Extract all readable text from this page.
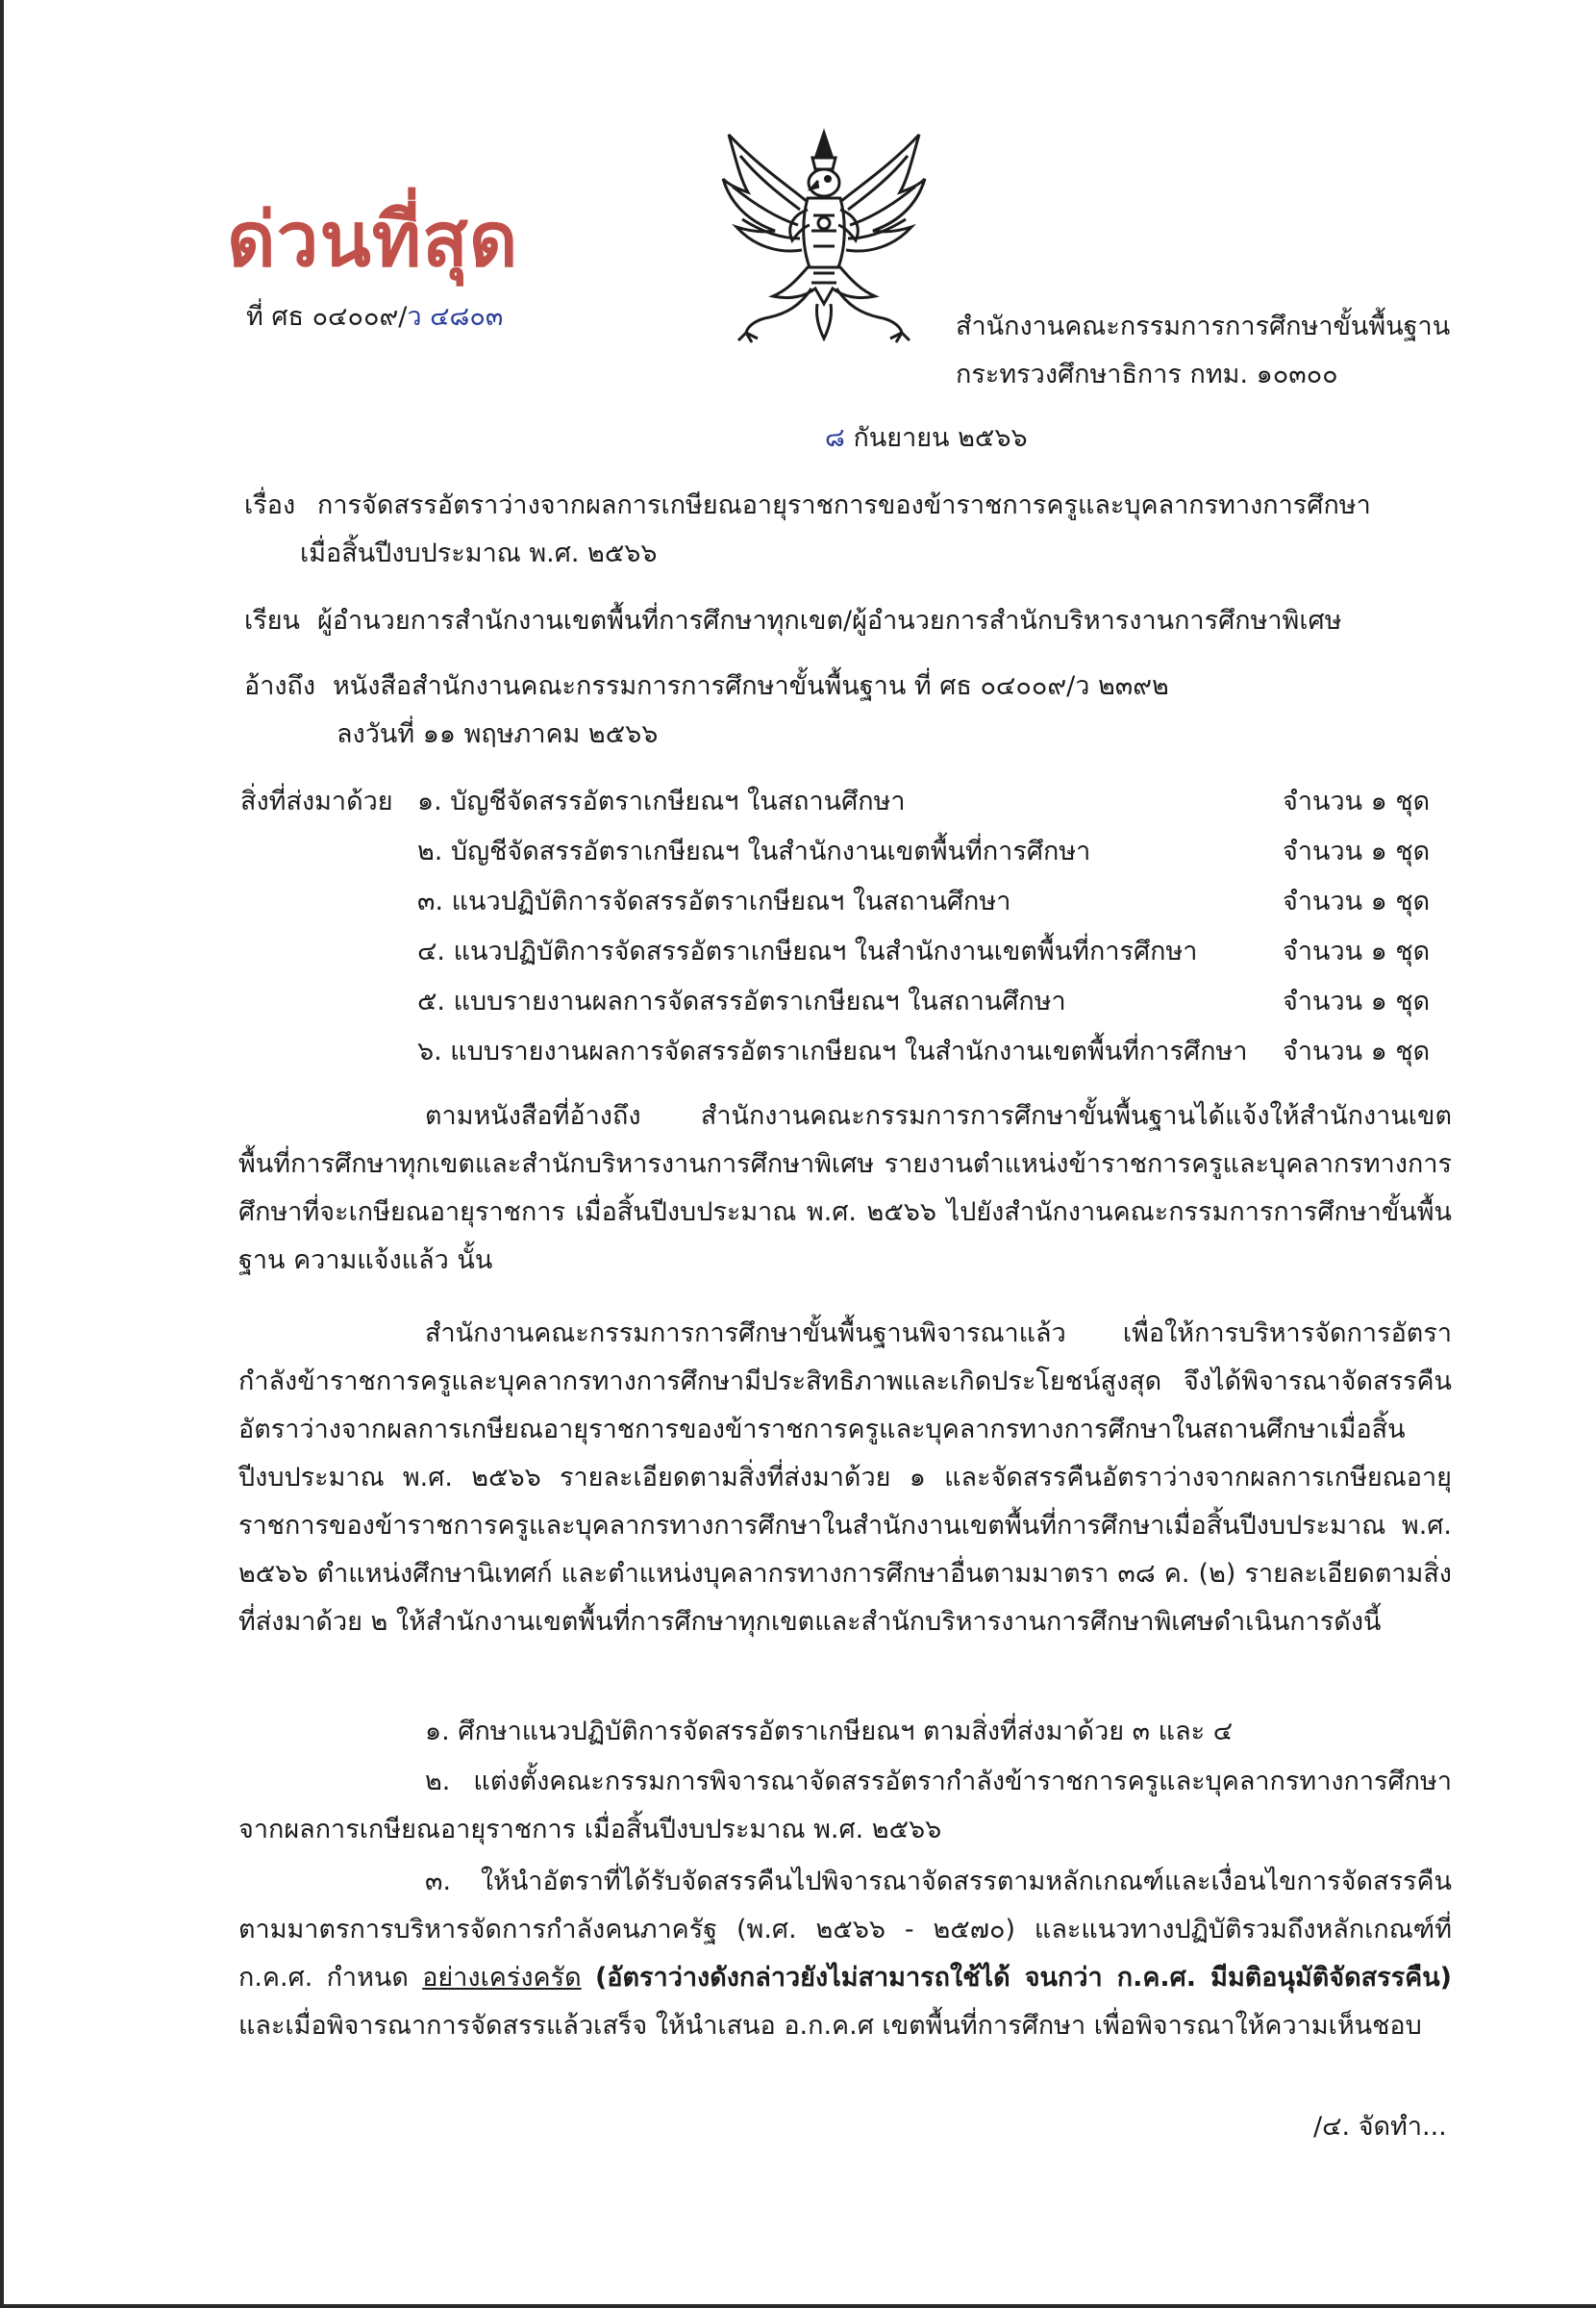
ด่วนที่สุด
ที่ ศธ ๐๔๐๐๙/ว ๔๘๐๓	สำนักงานคณะกรรมการการศึกษาขั้นพื้นฐาน
กระทรวงศึกษาธิการ กทม. ๑๐๓๐๐
๘ กันยายน ๒๕๖๖
เรื่อง การจัดสรรอัตราว่างจากผลการเกษียณอายุราชการของข้าราชการครูและบุคลากรทางการศึกษา
เมื่อสิ้นปีงบประมาณ พ.ศ. ๒๕๖๖
เรียน ผู้อำนวยการสำนักงานเขตพื้นที่การศึกษาทุกเขต/ผู้อำนวยการสำนักบริหารงานการศึกษาพิเศษ
อ้างถึง หนังสือสำนักงานคณะกรรมการการศึกษาขั้นพื้นฐาน ที่ ศธ ๐๔๐๐๙/ว ๒๓๙๒
ลงวันที่ ๑๑ พฤษภาคม ๒๕๖๖
สิ่งที่ส่งมาด้วย ๑. บัญชีจัดสรรอัตราเกษียณฯ ในสถานศึกษา	จำนวน ๑ ชุด
๒. บัญชีจัดสรรอัตราเกษียณฯ ในสำนักงานเขตพื้นที่การศึกษา	จำนวน ๑ ชุด
๓. แนวปฏิบัติการจัดสรรอัตราเกษียณฯ ในสถานศึกษา	จำนวน ๑ ชุด
๔. แนวปฏิบัติการจัดสรรอัตราเกษียณฯ ในสำนักงานเขตพื้นที่การศึกษา	จำนวน ๑ ชุด
๕. แบบรายงานผลการจัดสรรอัตราเกษียณฯ ในสถานศึกษา	จำนวน ๑ ชุด
๖. แบบรายงานผลการจัดสรรอัตราเกษียณฯ ในสำนักงานเขตพื้นที่การศึกษา จำนวน ๑ ชุด

ตามหนังสือที่อ้างถึง สำนักงานคณะกรรมการการศึกษาขั้นพื้นฐานได้แจ้งให้สำนักงานเขตพื้นที่การศึกษาทุกเขตและสำนักบริหารงานการศึกษาพิเศษ รายงานตำแหน่งข้าราชการครูและบุคลากรทางการศึกษาที่จะเกษียณอายุราชการ เมื่อสิ้นปีงบประมาณ พ.ศ. ๒๕๖๖ ไปยังสำนักงานคณะกรรมการการศึกษาขั้นพื้นฐาน ความแจ้งแล้ว นั้น

สำนักงานคณะกรรมการการศึกษาขั้นพื้นฐานพิจารณาแล้ว เพื่อให้การบริหารจัดการอัตรากำลังข้าราชการครูและบุคลากรทางการศึกษามีประสิทธิภาพและเกิดประโยชน์สูงสุด จึงได้พิจารณาจัดสรรคืนอัตราว่างจากผลการเกษียณอายุราชการของข้าราชการครูและบุคลากรทางการศึกษาในสถานศึกษาเมื่อสิ้นปีงบประมาณ พ.ศ. ๒๕๖๖ รายละเอียดตามสิ่งที่ส่งมาด้วย ๑ และจัดสรรคืนอัตราว่างจากผลการเกษียณอายุราชการของข้าราชการครูและบุคลากรทางการศึกษาในสำนักงานเขตพื้นที่การศึกษาเมื่อสิ้นปีงบประมาณ พ.ศ. ๒๕๖๖ ตำแหน่งศึกษานิเทศก์ และตำแหน่งบุคลากรทางการศึกษาอื่นตามมาตรา ๓๘ ค. (๒) รายละเอียดตามสิ่งที่ส่งมาด้วย ๒ ให้สำนักงานเขตพื้นที่การศึกษาทุกเขตและสำนักบริหารงานการศึกษาพิเศษดำเนินการดังนี้

๑. ศึกษาแนวปฏิบัติการจัดสรรอัตราเกษียณฯ ตามสิ่งที่ส่งมาด้วย ๓ และ ๔

๒. แต่งตั้งคณะกรรมการพิจารณาจัดสรรอัตรากำลังข้าราชการครูและบุคลากรทางการศึกษาจากผลการเกษียณอายุราชการ เมื่อสิ้นปีงบประมาณ พ.ศ. ๒๕๖๖

๓. ให้นำอัตราที่ได้รับจัดสรรคืนไปพิจารณาจัดสรรตามหลักเกณฑ์และเงื่อนไขการจัดสรรคืนตามมาตรการบริหารจัดการกำลังคนภาครัฐ (พ.ศ. ๒๕๖๖ - ๒๕๗๐) และแนวทางปฏิบัติรวมถึงหลักเกณฑ์ที่ ก.ค.ศ. กำหนด อย่างเคร่งครัด (อัตราว่างดังกล่าวยังไม่สามารถใช้ได้ จนกว่า ก.ค.ศ. มีมติอนุมัติจัดสรรคืน) และเมื่อพิจารณาการจัดสรรแล้วเสร็จ ให้นำเสนอ อ.ก.ค.ศ เขตพื้นที่การศึกษา เพื่อพิจารณาให้ความเห็นชอบ

/๔. จัดทำ...
